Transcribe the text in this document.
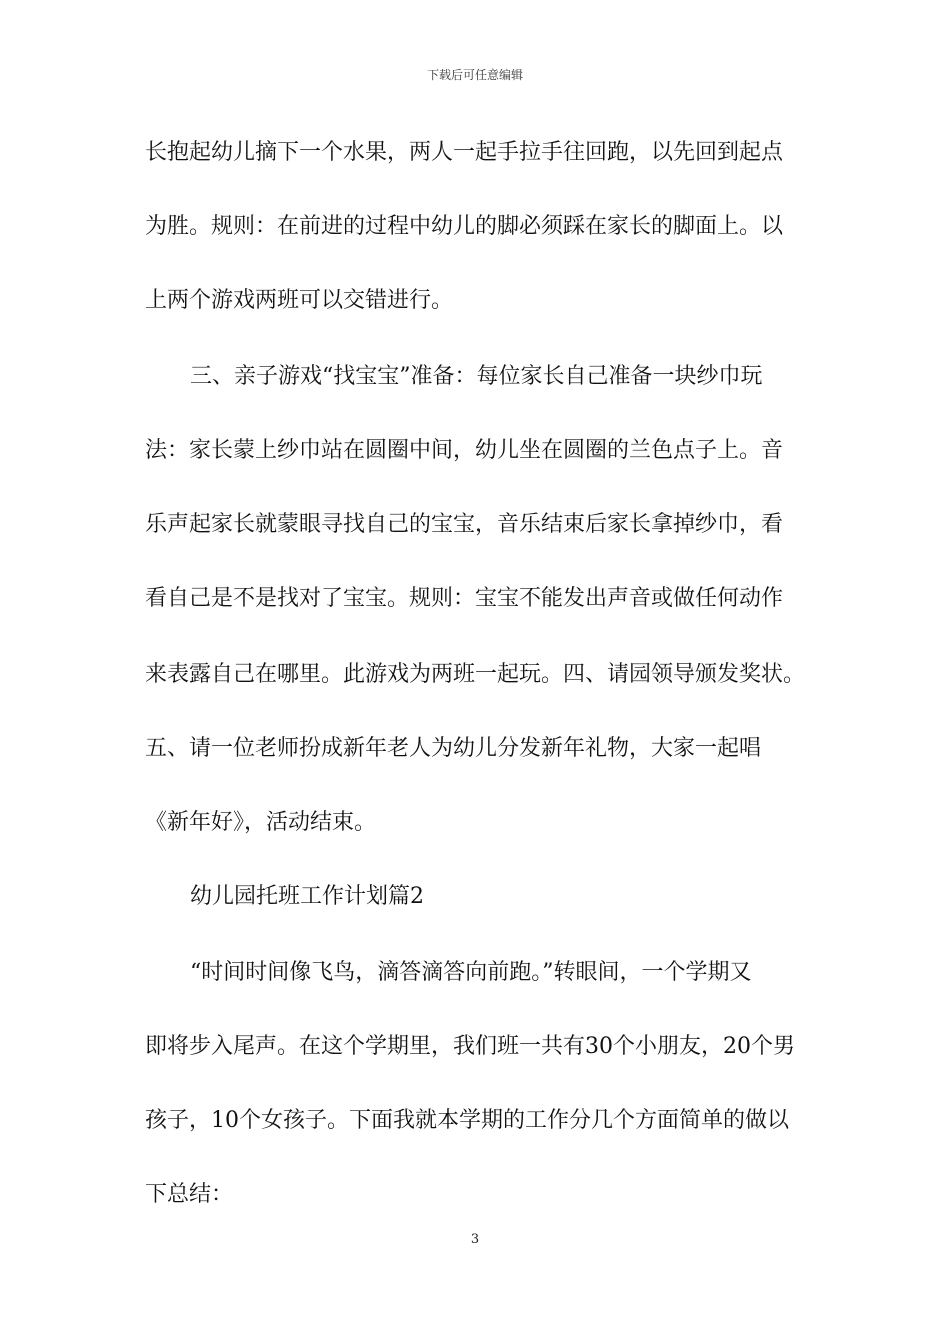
下载后可任意编辑
长抱起幼儿摘下一个水果，两人一起手拉手往回跑，以先回到起点
为胜。规则：在前进的过程中幼儿的脚必须踩在家长的脚面上。以
上两个游戏两班可以交错进行。
三、亲子游戏“找宝宝”准备：每位家长自己准备一块纱巾玩
法：家长蒙上纱巾站在圆圈中间，幼儿坐在圆圈的兰色点子上。音
乐声起家长就蒙眼寻找自己的宝宝，音乐结束后家长拿掉纱巾，看
看自己是不是找对了宝宝。规则：宝宝不能发出声音或做任何动作
来表露自己在哪里。此游戏为两班一起玩。四、请园领导颁发奖状。
五、请一位老师扮成新年老人为幼儿分发新年礼物，大家一起唱
《新年好》，活动结束。
幼儿园托班工作计划篇2
“时间时间像飞鸟，滴答滴答向前跑。”转眼间，一个学期又
即将步入尾声。在这个学期里，我们班一共有30个小朋友，20个男
孩子，10个女孩子。下面我就本学期的工作分几个方面简单的做以
下总结：
3
